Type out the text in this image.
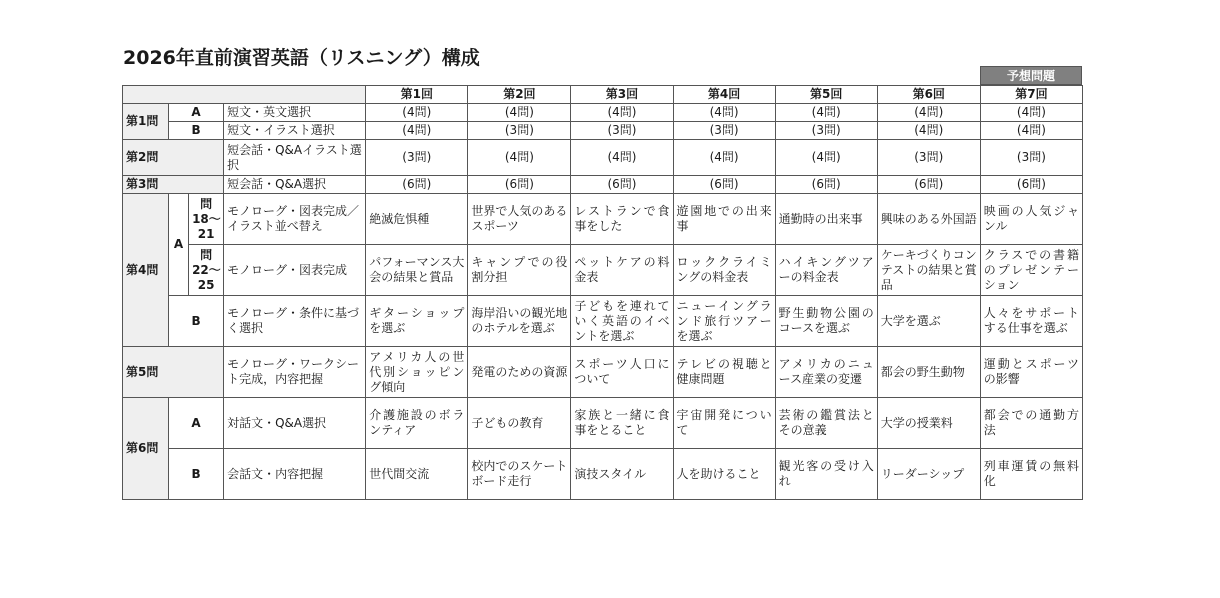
2026年直前演習英語（リスニング）構成
予想問題
				第1回	第2回	第3回	第4回	第5回	第6回	第7回
第1問	A		短文・英文選択	(4問)	(4問)	(4問)	(4問)	(4問)	(4問)	(4問)
	B		短文・イラスト選択	(4問)	(3問)	(3問)	(3問)	(3問)	(4問)	(4問)
第2問			短会話・Q&Aイラスト選択	(3問)	(4問)	(4問)	(4問)	(4問)	(3問)	(3問)
第3問			短会話・Q&A選択	(6問)	(6問)	(6問)	(6問)	(6問)	(6問)	(6問)
第4問	A	問18〜21	モノローグ・図表完成／イラスト並べ替え	絶滅危惧種	世界で人気のあるスポーツ	レストランで食事をした	遊園地での出来事	通勤時の出来事	興味のある外国語	映画の人気ジャンル
		問22〜25	モノローグ・図表完成	パフォーマンス大会の結果と賞品	キャンプでの役割分担	ペットケアの料金表	ロッククライミングの料金表	ハイキングツアーの料金表	ケーキづくりコンテストの結果と賞品	クラスでの書籍のプレゼンテーション
	B		モノローグ・条件に基づく選択	ギターショップを選ぶ	海岸沿いの観光地のホテルを選ぶ	子どもを連れていく英語のイベントを選ぶ	ニューイングランド旅行ツアーを選ぶ	野生動物公園のコースを選ぶ	大学を選ぶ	人々をサポートする仕事を選ぶ
第5問			モノローグ・ワークシート完成，内容把握	アメリカ人の世代別ショッピング傾向	発電のための資源	スポーツ人口について	テレビの視聴と健康問題	アメリカのニュース産業の変遷	都会の野生動物	運動とスポーツの影響
第6問	A		対話文・Q&A選択	介護施設のボランティア	子どもの教育	家族と一緒に食事をとること	宇宙開発について	芸術の鑑賞法とその意義	大学の授業料	都会での通勤方法
	B		会話文・内容把握	世代間交流	校内でのスケートボード走行	演技スタイル	人を助けること	観光客の受け入れ	リーダーシップ	列車運賃の無料化
